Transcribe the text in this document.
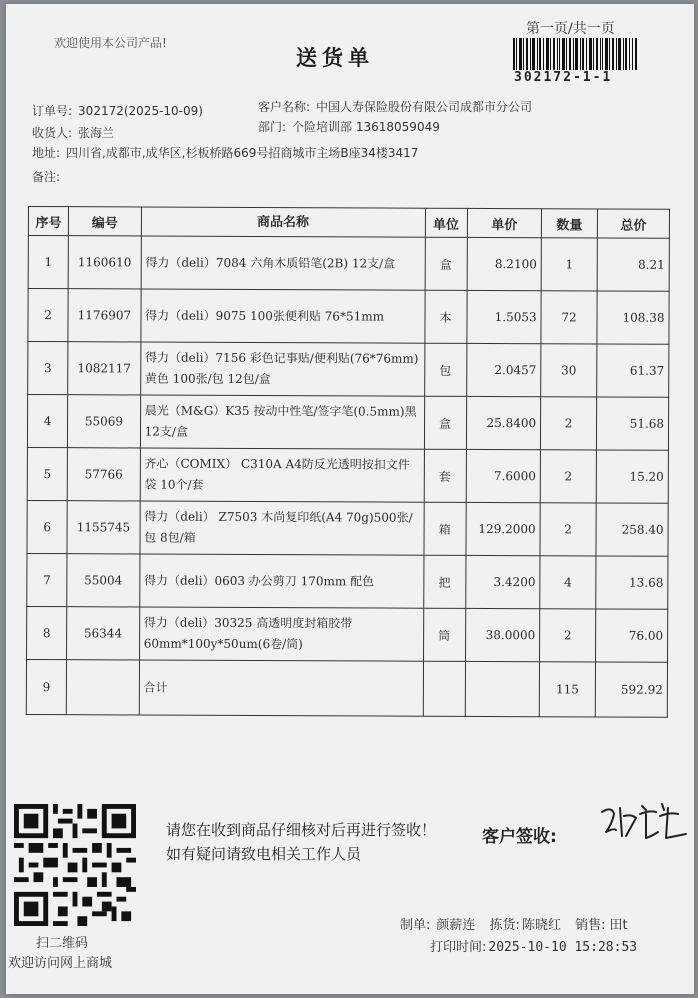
欢迎使用本公司产品!
送货单
第一页/共一页
302172-1-1
订单号: 302172(2025-10-09)	客户名称: 中国人寿保险股份有限公司成都市分公司
收货人: 张海兰	部门: 个险培训部 13618059049
地址: 四川省,成都市,成华区,杉板桥路669号招商城市主场B座34楼3417
备注:
序号	编号	商品名称	单位	单价	数量	总价
1	1160610	得力（deli）7084 六角木质铅笔(2B) 12支/盒	盒	8.2100	1	8.21
2	1176907	得力（deli）9075 100张便利贴 76*51mm	本	1.5053	72	108.38
3	1082117	得力（deli）7156 彩色记事贴/便利贴(76*76mm) 黄色 100张/包 12包/盒	包	2.0457	30	61.37
4	55069	晨光（M&G）K35 按动中性笔/签字笔(0.5mm)黑 12支/盒	盒	25.8400	2	51.68
5	57766	齐心（COMIX） C310A A4防反光透明按扣文件袋 10个/套	套	7.6000	2	15.20
6	1155745	得力（deli） Z7503 木尚复印纸(A4 70g)500张/包 8包/箱	箱	129.2000	2	258.40
7	55004	得力（deli）0603 办公剪刀 170mm 配色	把	3.4200	4	13.68
8	56344	得力（deli）30325 高透明度封箱胶带 60mm*100y*50um(6卷/筒)	筒	38.0000	2	76.00
9		合计			115	592.92
扫二维码
欢迎访问网上商城
请您在收到商品仔细核对后再进行签收！如有疑问请致电相关工作人员
客户签收:
制单: 颜薪连 拣货: 陈晓红 销售: 田t
打印时间: 2025-10-10 15:28:53
